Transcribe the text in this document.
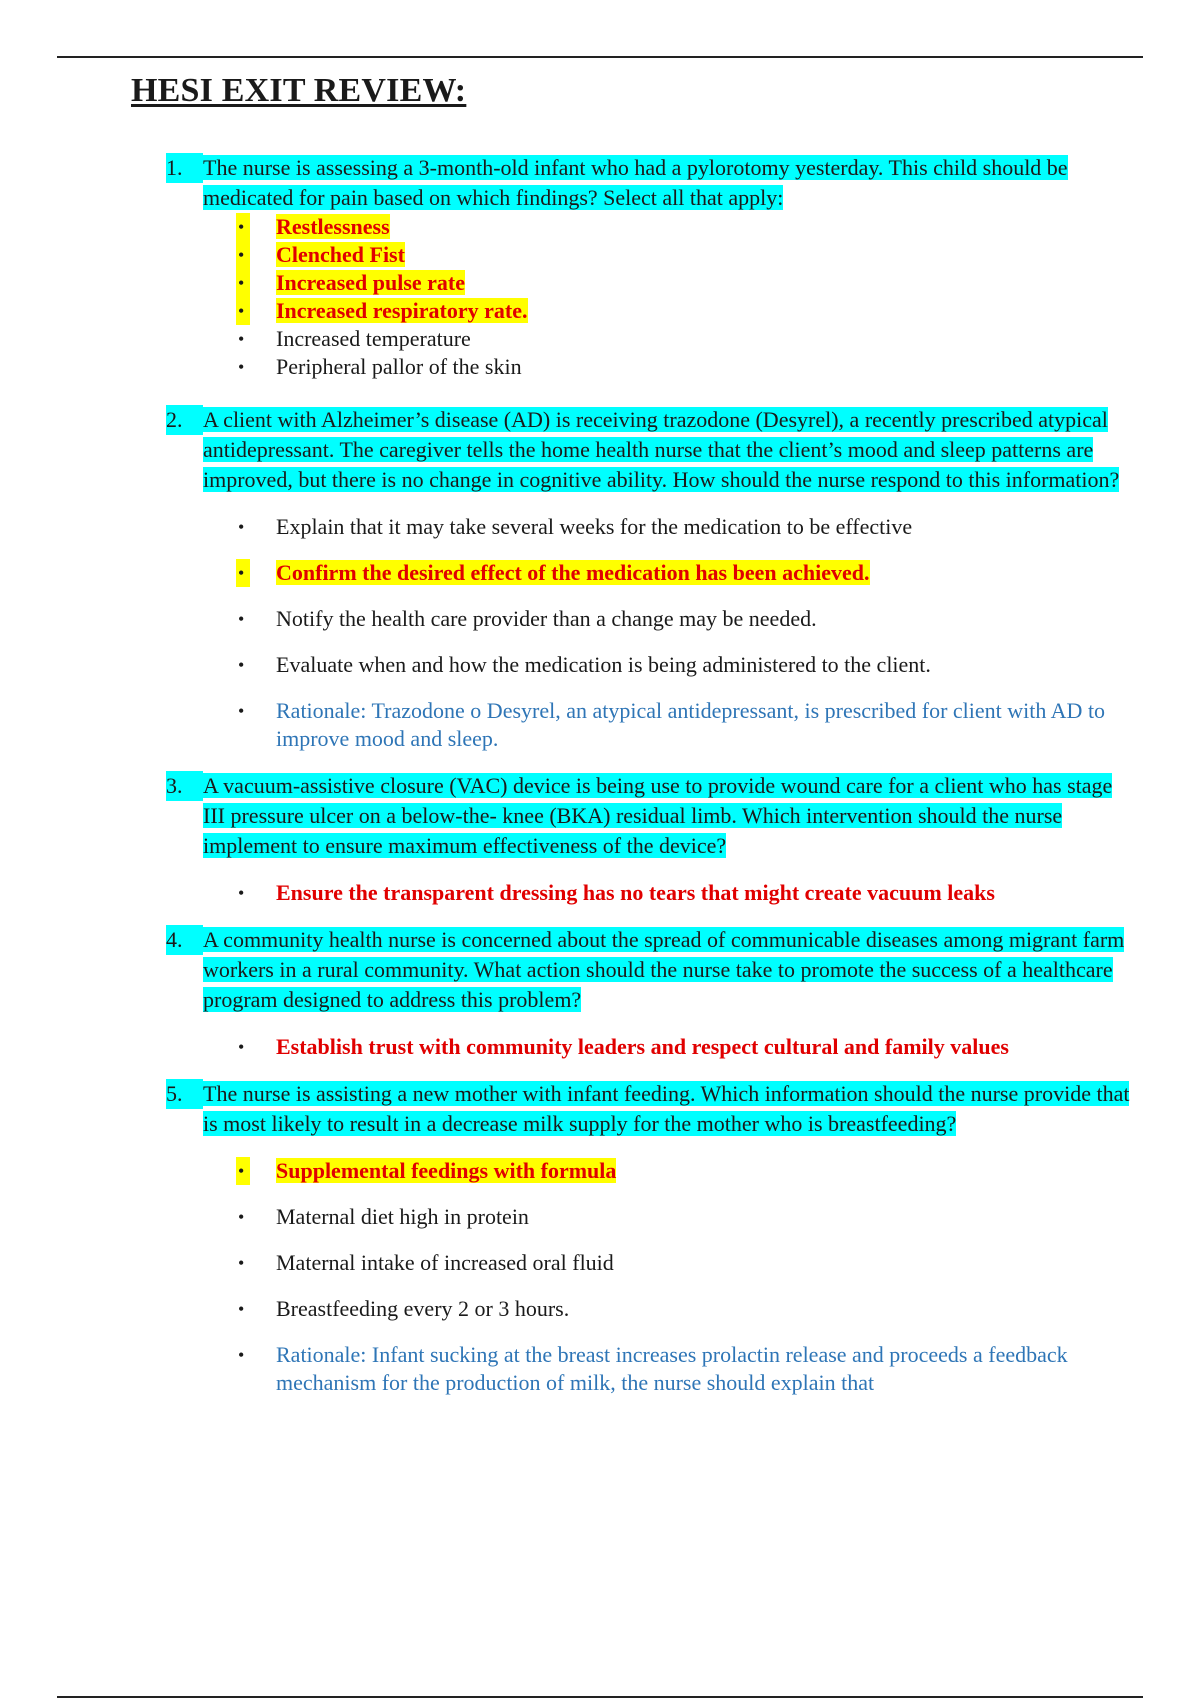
HESI EXIT REVIEW:
1. The nurse is assessing a 3-month-old infant who had a pylorotomy yesterday. This child should be medicated for pain based on which findings? Select all that apply:
• Restlessness
• Clenched Fist
• Increased pulse rate
• Increased respiratory rate.
• Increased temperature
• Peripheral pallor of the skin
2. A client with Alzheimer’s disease (AD) is receiving trazodone (Desyrel), a recently prescribed atypical antidepressant. The caregiver tells the home health nurse that the client’s mood and sleep patterns are improved, but there is no change in cognitive ability. How should the nurse respond to this information?
• Explain that it may take several weeks for the medication to be effective
• Confirm the desired effect of the medication has been achieved.
• Notify the health care provider than a change may be needed.
• Evaluate when and how the medication is being administered to the client.
• Rationale: Trazodone o Desyrel, an atypical antidepressant, is prescribed for client with AD to improve mood and sleep.
3. A vacuum-assistive closure (VAC) device is being use to provide wound care for a client who has stage III pressure ulcer on a below-the- knee (BKA) residual limb. Which intervention should the nurse implement to ensure maximum effectiveness of the device?
• Ensure the transparent dressing has no tears that might create vacuum leaks
4. A community health nurse is concerned about the spread of communicable diseases among migrant farm workers in a rural community. What action should the nurse take to promote the success of a healthcare program designed to address this problem?
• Establish trust with community leaders and respect cultural and family values
5. The nurse is assisting a new mother with infant feeding. Which information should the nurse provide that is most likely to result in a decrease milk supply for the mother who is breastfeeding?
• Supplemental feedings with formula
• Maternal diet high in protein
• Maternal intake of increased oral fluid
• Breastfeeding every 2 or 3 hours.
• Rationale: Infant sucking at the breast increases prolactin release and proceeds a feedback mechanism for the production of milk, the nurse should explain that
